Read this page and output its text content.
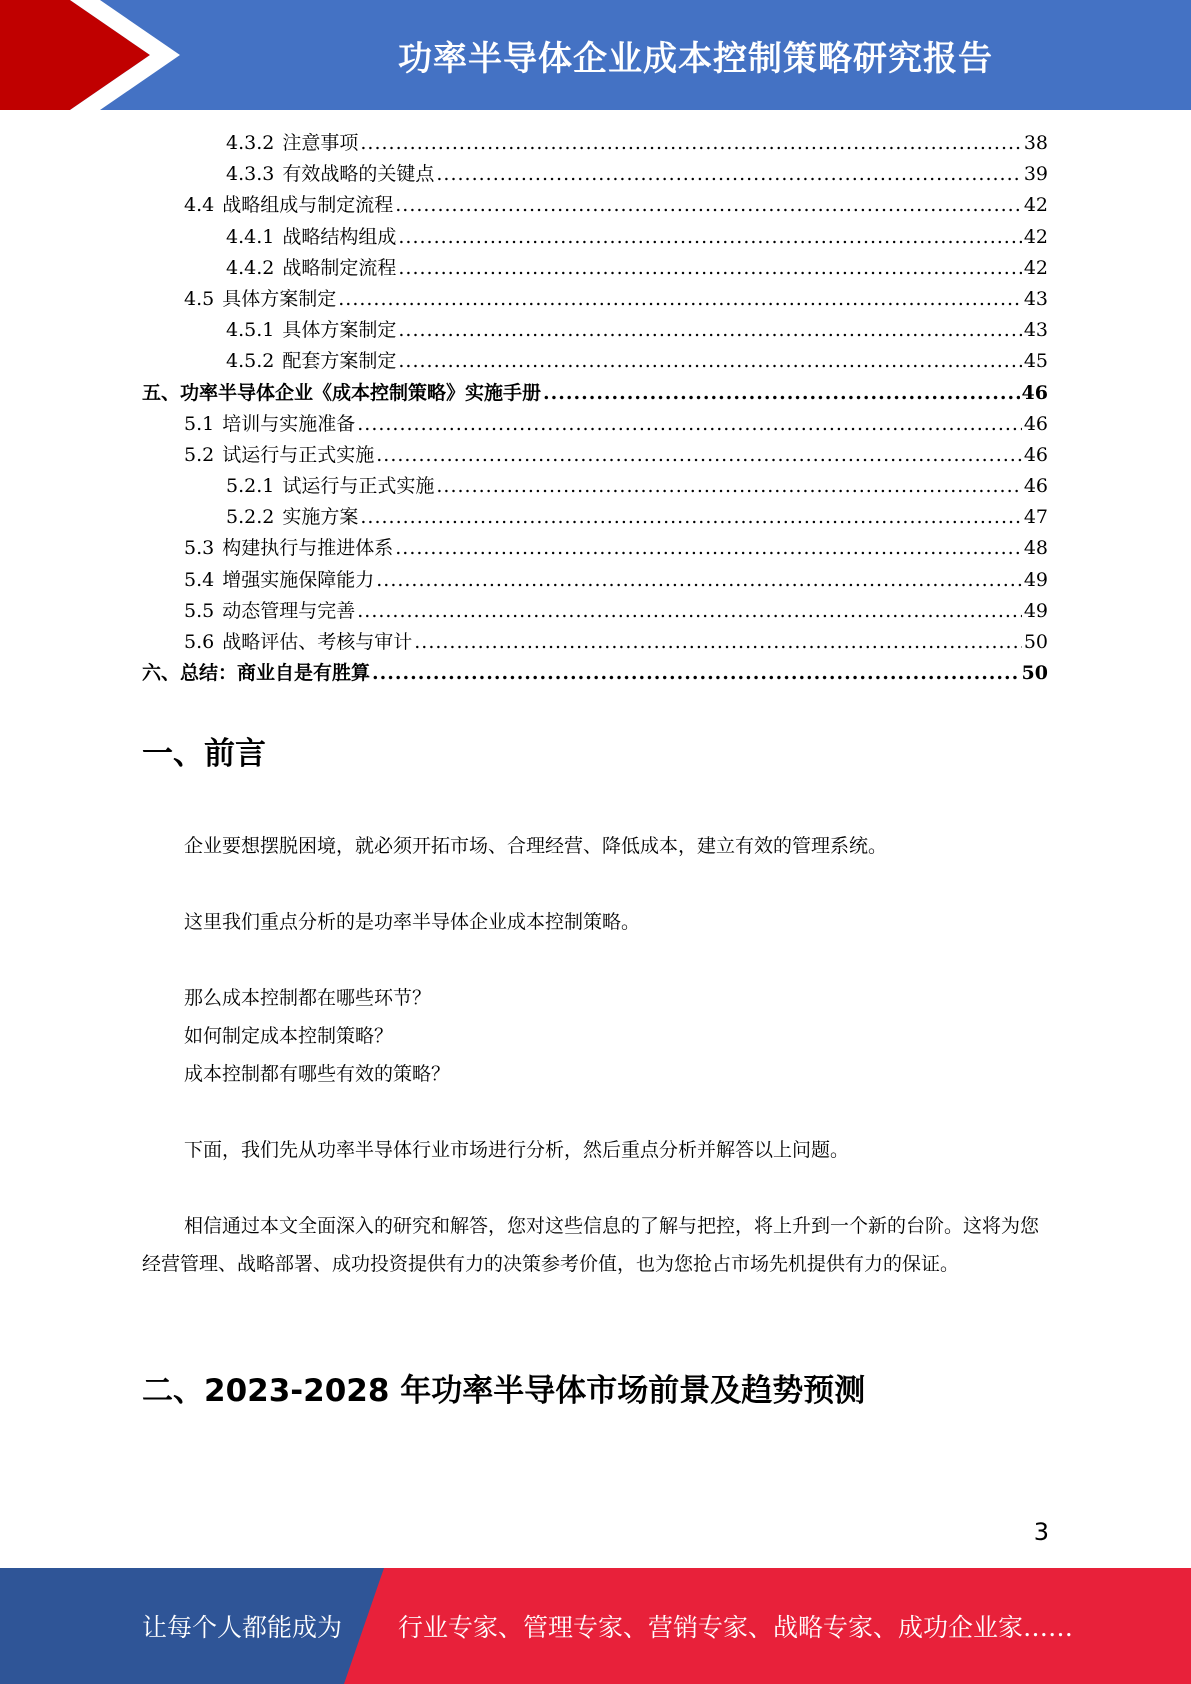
功率半导体企业成本控制策略研究报告
4.3.2 注意事项 .....	38
4.3.3 有效战略的关键点 .....	39
4.4 战略组成与制定流程 .....	42
4.4.1 战略结构组成 .....	42
4.4.2 战略制定流程 .....	42
4.5 具体方案制定 .....	43
4.5.1 具体方案制定 .....	43
4.5.2 配套方案制定 .....	45
五、功率半导体企业《成本控制策略》实施手册 .....	46
5.1 培训与实施准备 .....	46
5.2 试运行与正式实施 .....	46
5.2.1 试运行与正式实施 .....	46
5.2.2 实施方案 .....	47
5.3 构建执行与推进体系 .....	48
5.4 增强实施保障能力 .....	49
5.5 动态管理与完善 .....	49
5.6 战略评估、考核与审计 .....	50
六、总结：商业自是有胜算 .....	50
一、前言
企业要想摆脱困境，就必须开拓市场、合理经营、降低成本，建立有效的管理系统。
这里我们重点分析的是功率半导体企业成本控制策略。
那么成本控制都在哪些环节？
如何制定成本控制策略？
成本控制都有哪些有效的策略？
下面，我们先从功率半导体行业市场进行分析，然后重点分析并解答以上问题。
相信通过本文全面深入的研究和解答，您对这些信息的了解与把控，将上升到一个新的台阶。这将为您经营管理、战略部署、成功投资提供有力的决策参考价值，也为您抢占市场先机提供有力的保证。
二、2023-2028 年功率半导体市场前景及趋势预测
3
让每个人都能成为 行业专家、管理专家、营销专家、战略专家、成功企业家……
